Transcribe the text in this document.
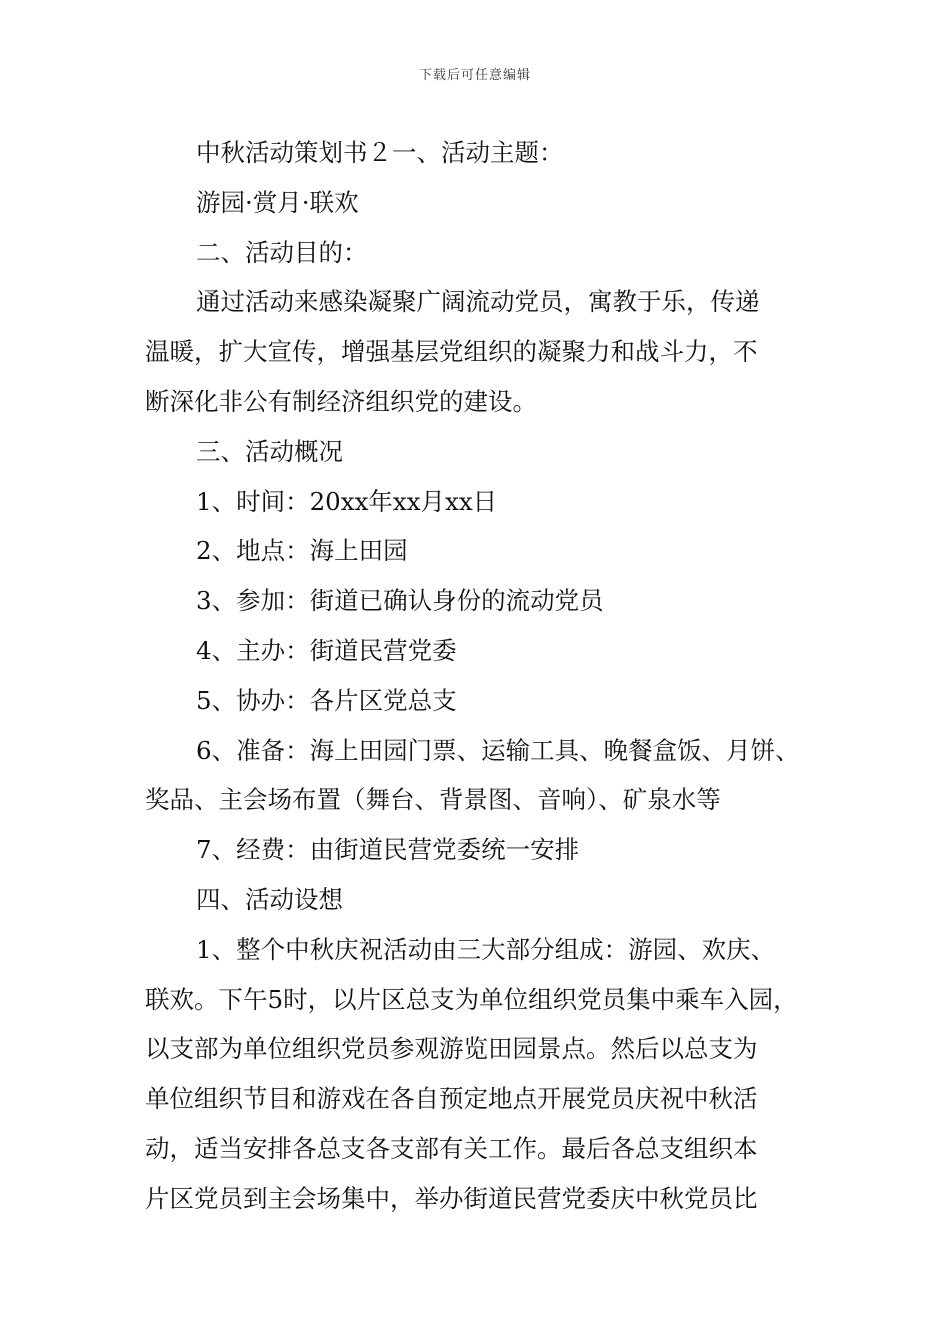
下载后可任意编辑
中秋活动策划书２一、活动主题：
游园·赏月·联欢
二、活动目的：
通过活动来感染凝聚广阔流动党员，寓教于乐，传递
温暖，扩大宣传，增强基层党组织的凝聚力和战斗力，不
断深化非公有制经济组织党的建设。
三、活动概况
1、时间：20xx年xx月xx日
2、地点：海上田园
3、参加：街道已确认身份的流动党员
4、主办：街道民营党委
5、协办：各片区党总支
6、准备：海上田园门票、运输工具、晚餐盒饭、月饼、
奖品、主会场布置（舞台、背景图、音响）、矿泉水等
7、经费：由街道民营党委统一安排
四、活动设想
1、整个中秋庆祝活动由三大部分组成：游园、欢庆、
联欢。下午5时，以片区总支为单位组织党员集中乘车入园，
以支部为单位组织党员参观游览田园景点。然后以总支为
单位组织节目和游戏在各自预定地点开展党员庆祝中秋活
动，适当安排各总支各支部有关工作。最后各总支组织本
片区党员到主会场集中，举办街道民营党委庆中秋党员比
